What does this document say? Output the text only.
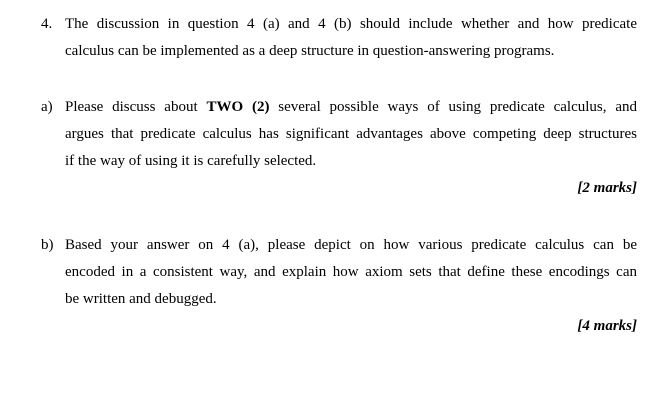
4. The discussion in question 4 (a) and 4 (b) should include whether and how predicate
calculus can be implemented as a deep structure in question-answering programs.
a) Please discuss about TWO (2) several possible ways of using predicate calculus, and
argues that predicate calculus has significant advantages above competing deep structures
if the way of using it is carefully selected.
[2 marks]
b) Based your answer on 4 (a), please depict on how various predicate calculus can be
encoded in a consistent way, and explain how axiom sets that define these encodings can
be written and debugged.
[4 marks]
